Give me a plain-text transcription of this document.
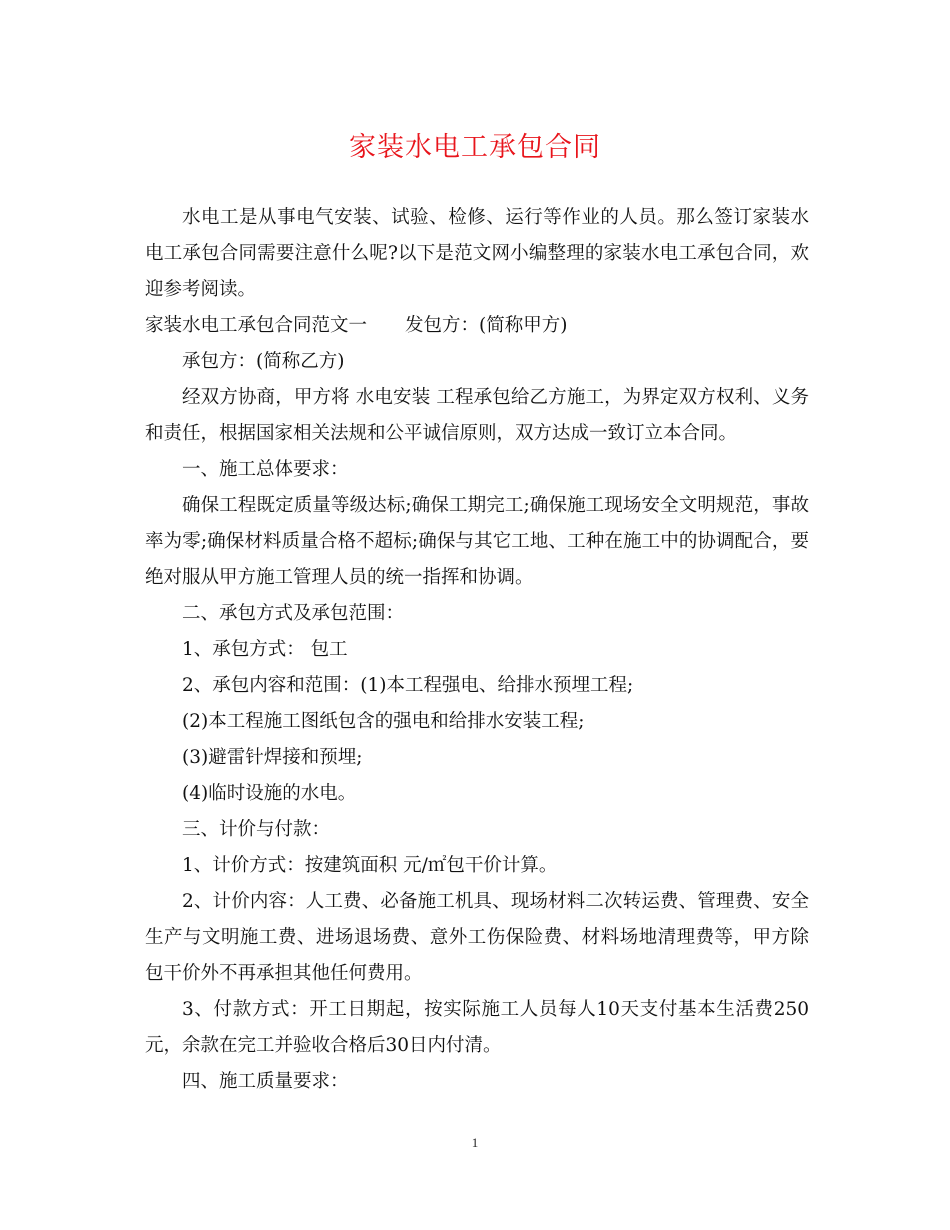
家装水电工承包合同

水电工是从事电气安装、试验、检修、运行等作业的人员。那么签订家装水电工承包合同需要注意什么呢?以下是范文网小编整理的家装水电工承包合同，欢迎参考阅读。

家装水电工承包合同范文一 发包方：(简称甲方)

承包方：(简称乙方)

经双方协商，甲方将 水电安装 工程承包给乙方施工，为界定双方权利、义务和责任，根据国家相关法规和公平诚信原则，双方达成一致订立本合同。

一、施工总体要求：

确保工程既定质量等级达标;确保工期完工;确保施工现场安全文明规范，事故率为零;确保材料质量合格不超标;确保与其它工地、工种在施工中的协调配合，要绝对服从甲方施工管理人员的统一指挥和协调。

二、承包方式及承包范围：

1、承包方式： 包工

2、承包内容和范围：(1)本工程强电、给排水预埋工程;

(2)本工程施工图纸包含的强电和给排水安装工程;

(3)避雷针焊接和预埋;

(4)临时设施的水电。

三、计价与付款：

1、计价方式：按建筑面积 元/㎡包干价计算。

2、计价内容：人工费、必备施工机具、现场材料二次转运费、管理费、安全生产与文明施工费、进场退场费、意外工伤保险费、材料场地清理费等，甲方除包干价外不再承担其他任何费用。

3、付款方式：开工日期起，按实际施工人员每人10天支付基本生活费250元，余款在完工并验收合格后30日内付清。

四、施工质量要求：

1
